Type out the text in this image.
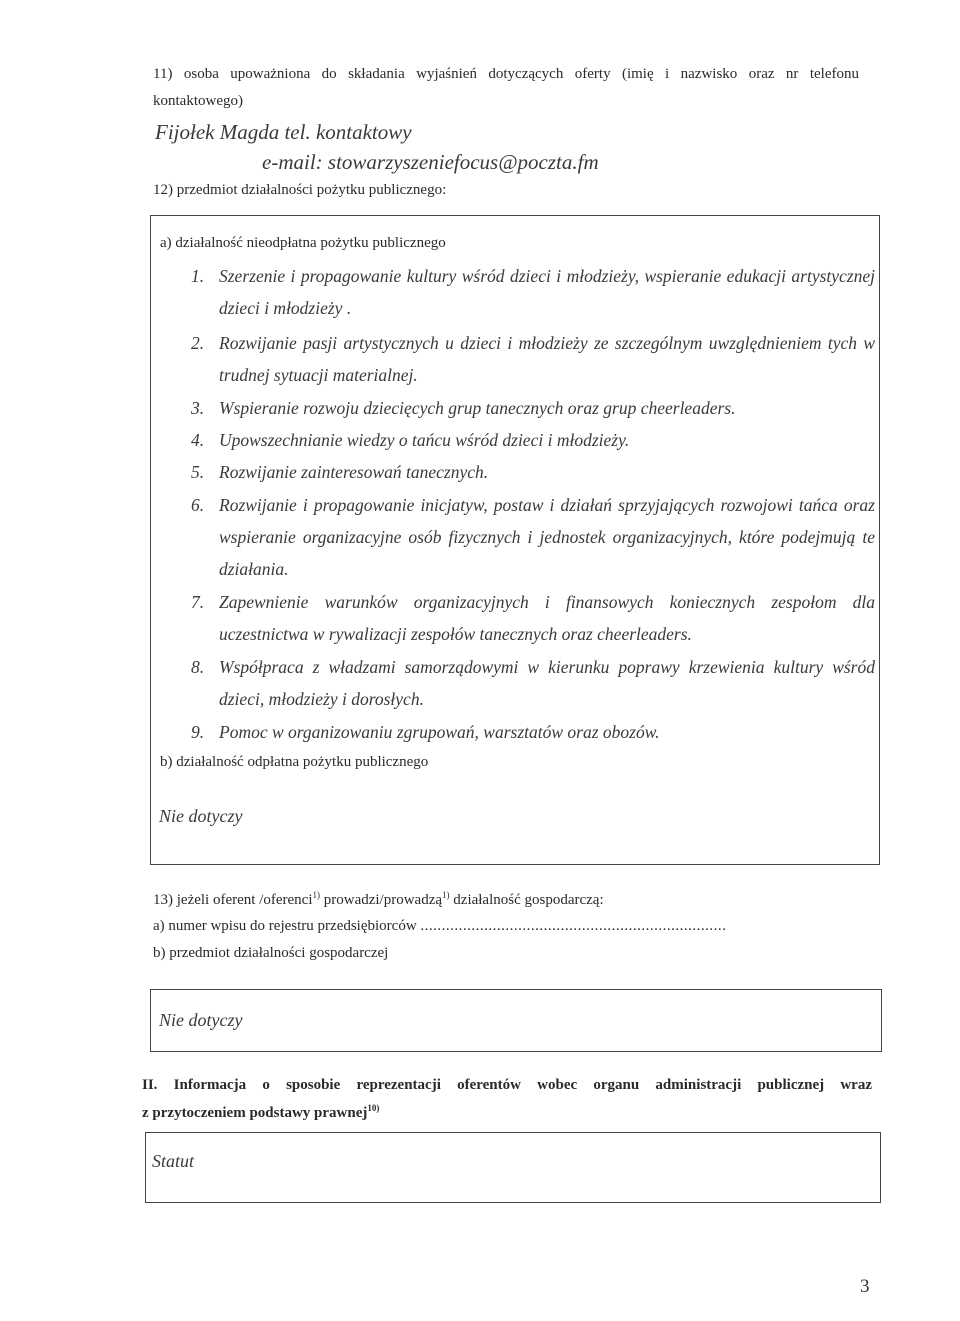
11) osoba upoważniona do składania wyjaśnień dotyczących oferty (imię i nazwisko oraz nr telefonu
kontaktowego)
Fijołek Magda tel. kontaktowy
e-mail: stowarzyszeniefocus@poczta.fm
12) przedmiot działalności pożytku publicznego:
a) działalność nieodpłatna pożytku publicznego
1. Szerzenie i propagowanie kultury wśród dzieci i młodzieży, wspieranie edukacji artystycznej dzieci i młodzieży .
2. Rozwijanie pasji artystycznych u dzieci i młodzieży ze szczególnym uwzględnieniem tych w trudnej sytuacji materialnej.
3. Wspieranie rozwoju dziecięcych grup tanecznych oraz grup cheerleaders.
4. Upowszechnianie wiedzy o tańcu wśród dzieci i młodzieży.
5. Rozwijanie zainteresowań tanecznych.
6. Rozwijanie i propagowanie inicjatyw, postaw i działań sprzyjających rozwojowi tańca oraz wspieranie organizacyjne osób fizycznych i jednostek organizacyjnych, które podejmują te działania.
7. Zapewnienie warunków organizacyjnych i finansowych koniecznych zespołom dla uczestnictwa w rywalizacji zespołów tanecznych oraz cheerleaders.
8. Współpraca z władzami samorządowymi w kierunku poprawy krzewienia kultury wśród dzieci, młodzieży i dorosłych.
9. Pomoc w organizowaniu zgrupowań, warsztatów oraz obozów.
b) działalność odpłatna pożytku publicznego
Nie dotyczy
13) jeżeli oferent /oferenci$^{1)}$ prowadzi/prowadzą$^{1)}$ działalność gospodarczą:
a) numer wpisu do rejestru przedsiębiorców ........................................................................
b) przedmiot działalności gospodarczej
Nie dotyczy
II. Informacja o sposobie reprezentacji oferentów wobec organu administracji publicznej wraz
z przytoczeniem podstawy prawnej$^{10)}$
Statut
3
